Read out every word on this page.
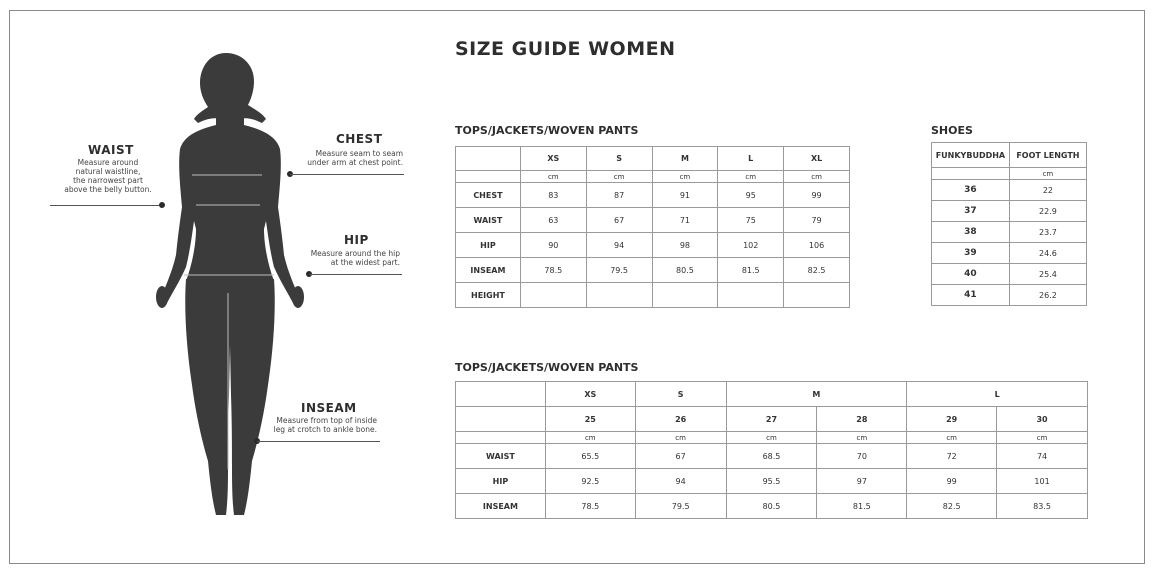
WAIST
Measure around
natural waistline,
the narrowest part
above the belly button.
CHEST
Measure seam to seam
under arm at chest point.
HIP
Measure around the hip
at the widest part.
INSEAM
Measure from top of inside
leg at crotch to ankle bone.
SIZE GUIDE WOMEN
TOPS/JACKETS/WOVEN PANTS
	XS	S	M	L	XL
	cm	cm	cm	cm	cm
CHEST	83	87	91	95	99
WAIST	63	67	71	75	79
HIP	90	94	98	102	106
INSEAM	78.5	79.5	80.5	81.5	82.5
HEIGHT					
SHOES
FUNKYBUDDHA	FOOT LENGTH
	cm
36	22
37	22.9
38	23.7
39	24.6
40	25.4
41	26.2
TOPS/JACKETS/WOVEN PANTS
	XS	S	M		L	
	25	26	27	28	29	30
	cm	cm	cm	cm	cm	cm
WAIST	65.5	67	68.5	70	72	74
HIP	92.5	94	95.5	97	99	101
INSEAM	78.5	79.5	80.5	81.5	82.5	83.5
